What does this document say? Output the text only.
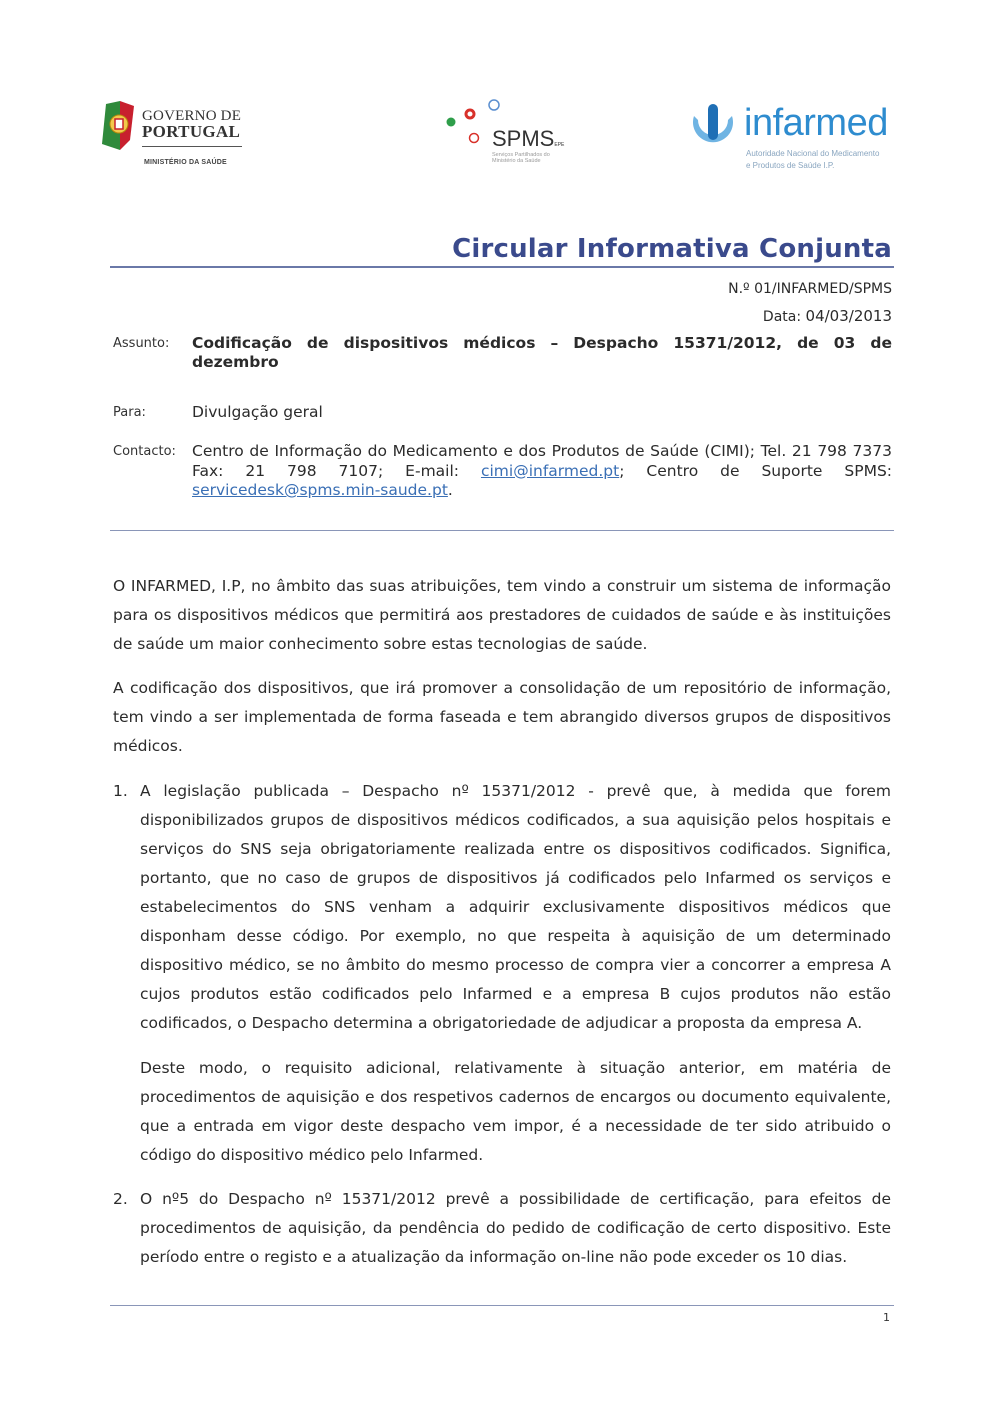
GOVERNO DE
PORTUGAL
MINISTÉRIO DA SAÚDE
SPMSEPE
Serviços Partilhados do Ministério da Saúde
infarmed
Autoridade Nacional do Medicamento
e Produtos de Saúde I.P.
Circular Informativa Conjunta
N.º 01/INFARMED/SPMS
Data: 04/03/2013
Assunto: Codificação de dispositivos médicos – Despacho 15371/2012, de 03 de
dezembro
Para:	Divulgação geral
Contacto: Centro de Informação do Medicamento e dos Produtos de Saúde (CIMI); Tel. 21 798 7373 Fax: 21 798 7107; E-mail: cimi@infarmed.pt; Centro de Suporte SPMS: servicedesk@spms.min-saude.pt.

O INFARMED, I.P, no âmbito das suas atribuições, tem vindo a construir um sistema de informação para os dispositivos médicos que permitirá aos prestadores de cuidados de saúde e às instituições de saúde um maior conhecimento sobre estas tecnologias de saúde.

A codificação dos dispositivos, que irá promover a consolidação de um repositório de informação, tem vindo a ser implementada de forma faseada e tem abrangido diversos grupos de dispositivos médicos.

1. A legislação publicada – Despacho nº 15371/2012 - prevê que, à medida que forem disponibilizados grupos de dispositivos médicos codificados, a sua aquisição pelos hospitais e serviços do SNS seja obrigatoriamente realizada entre os dispositivos codificados. Significa, portanto, que no caso de grupos de dispositivos já codificados pelo Infarmed os serviços e estabelecimentos do SNS venham a adquirir exclusivamente dispositivos médicos que disponham desse código. Por exemplo, no que respeita à aquisição de um determinado dispositivo médico, se no âmbito do mesmo processo de compra vier a concorrer a empresa A cujos produtos estão codificados pelo Infarmed e a empresa B cujos produtos não estão codificados, o Despacho determina a obrigatoriedade de adjudicar a proposta da empresa A.

Deste modo, o requisito adicional, relativamente à situação anterior, em matéria de procedimentos de aquisição e dos respetivos cadernos de encargos ou documento equivalente, que a entrada em vigor deste despacho vem impor, é a necessidade de ter sido atribuido o código do dispositivo médico pelo Infarmed.

2. O nº5 do Despacho nº 15371/2012 prevê a possibilidade de certificação, para efeitos de procedimentos de aquisição, da pendência do pedido de codificação de certo dispositivo. Este período entre o registo e a atualização da informação on-line não pode exceder os 10 dias.

1
